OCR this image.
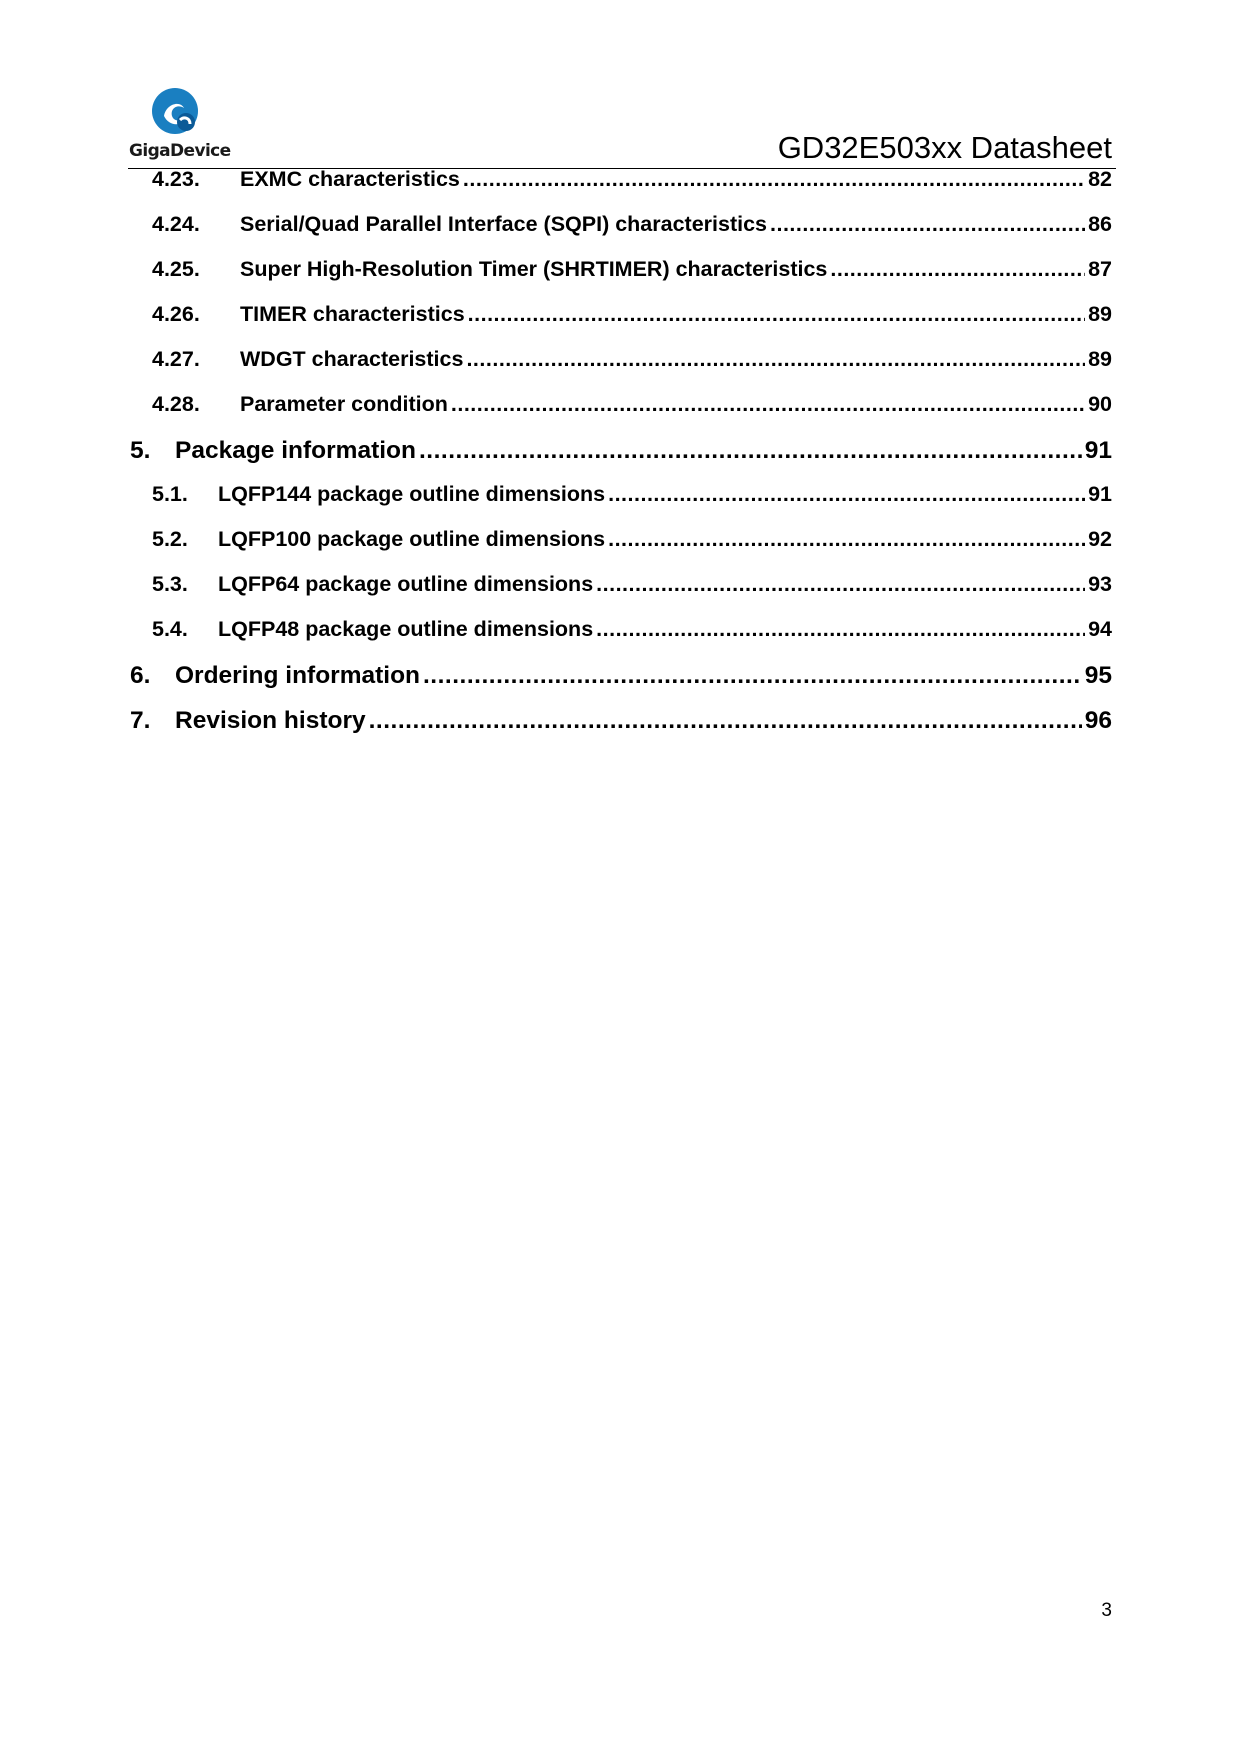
GigaDevice	GD32E503xx Datasheet
4.23.	EXMC characteristics .....	82
4.24.	Serial/Quad Parallel Interface (SQPI) characteristics .....	86
4.25.	Super High-Resolution Timer (SHRTIMER) characteristics .....	87
4.26.	TIMER characteristics .....	89
4.27.	WDGT characteristics .....	89
4.28.	Parameter condition .....	90
5.	Package information .....	91
5.1.	LQFP144 package outline dimensions .....	91
5.2.	LQFP100 package outline dimensions .....	92
5.3.	LQFP64 package outline dimensions .....	93
5.4.	LQFP48 package outline dimensions .....	94
6.	Ordering information .....	95
7.	Revision history .....	96
3
